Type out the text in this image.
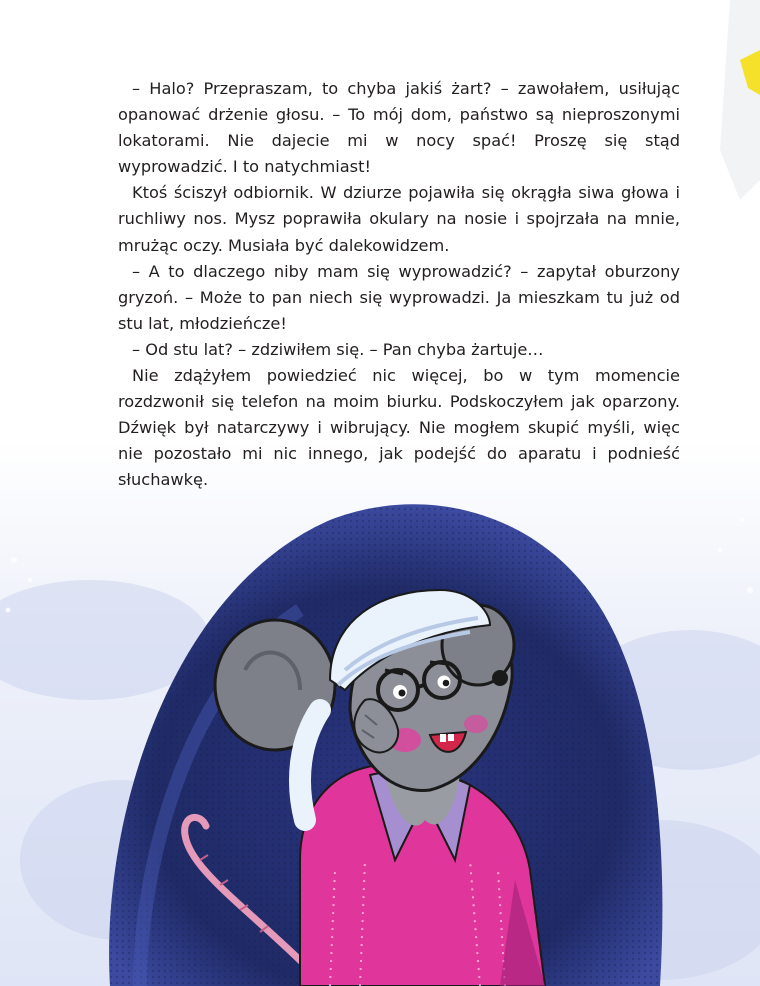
– Halo? Przepraszam, to chyba jakiś żart? – zawołałem, usiłując opanować drżenie głosu. – To mój dom, państwo są nieproszonymi lokatorami. Nie dajecie mi w nocy spać! Proszę się stąd wyprowadzić. I to natychmiast!

Ktoś ściszył odbiornik. W dziurze pojawiła się okrągła siwa głowa i ruchliwy nos. Mysz poprawiła okulary na nosie i spojrzała na mnie, mrużąc oczy. Musiała być dalekowidzem.

– A to dlaczego niby mam się wyprowadzić? – zapytał oburzony gryzoń. – Może to pan niech się wyprowadzi. Ja mieszkam tu już od stu lat, młodzieńcze!

– Od stu lat? – zdziwiłem się. – Pan chyba żartuje…

Nie zdążyłem powiedzieć nic więcej, bo w tym momencie rozdzwonił się telefon na moim biurku. Podskoczyłem jak oparzony. Dźwięk był natarczywy i wibrujący. Nie mogłem skupić myśli, więc nie pozostało mi nic innego, jak podejść do aparatu i podnieść słuchawkę.
